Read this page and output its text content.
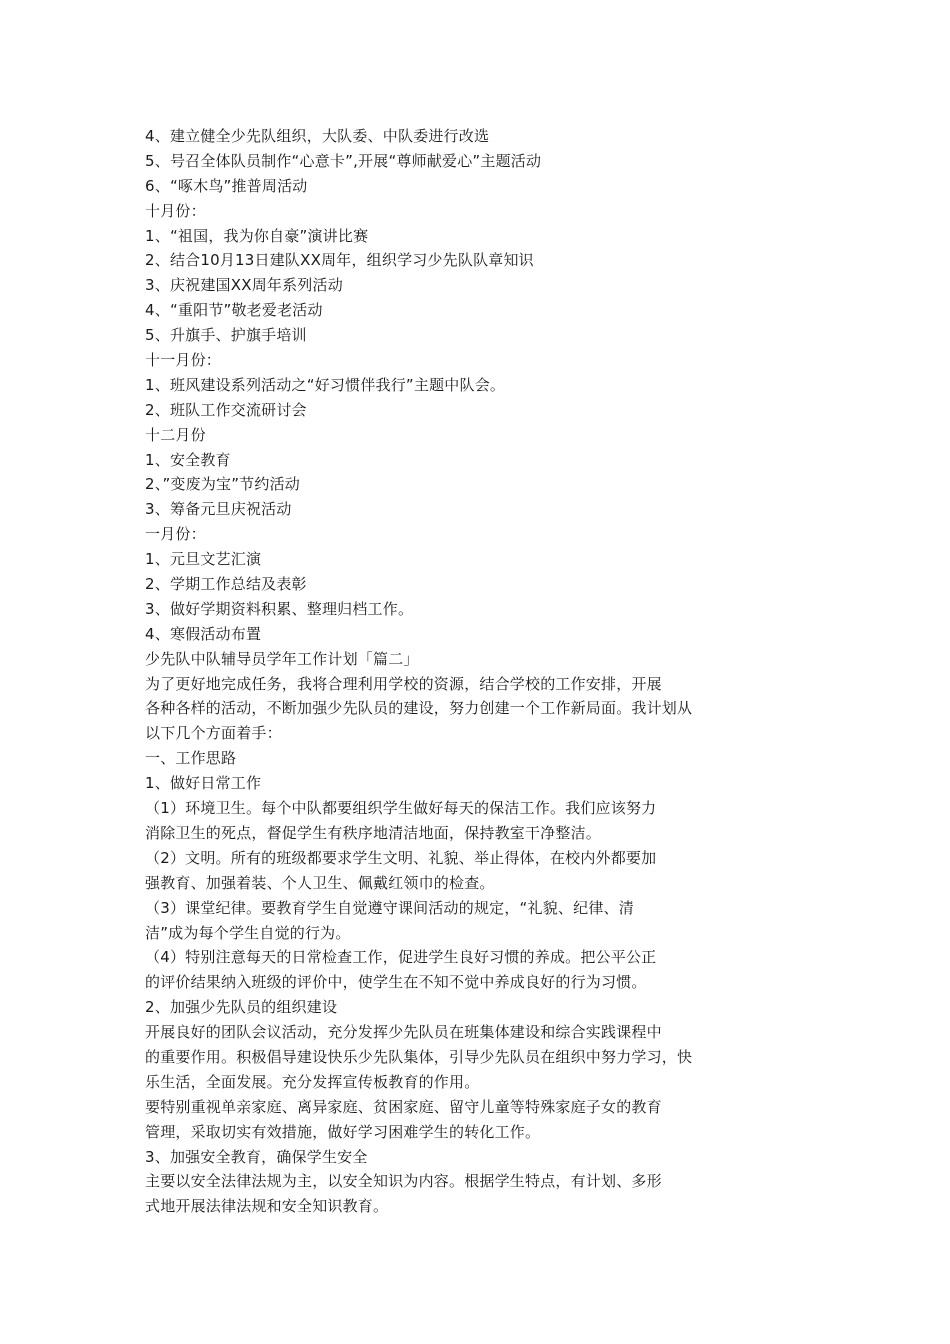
4、建立健全少先队组织，大队委、中队委进行改选
5、号召全体队员制作“心意卡”,开展“尊师献爱心”主题活动
6、“啄木鸟”推普周活动
十月份：
1、“祖国，我为你自豪”演讲比赛
2、结合10月13日建队XX周年，组织学习少先队队章知识
3、庆祝建国XX周年系列活动
4、“重阳节”敬老爱老活动
5、升旗手、护旗手培训
十一月份：
1、班风建设系列活动之“好习惯伴我行”主题中队会。
2、班队工作交流研讨会
十二月份
1、安全教育
2、”变废为宝”节约活动
3、筹备元旦庆祝活动
一月份：
1、元旦文艺汇演
2、学期工作总结及表彰
3、做好学期资料积累、整理归档工作。
4、寒假活动布置
少先队中队辅导员学年工作计划「篇二」
为了更好地完成任务，我将合理利用学校的资源，结合学校的工作安排，开展
各种各样的活动，不断加强少先队员的建设，努力创建一个工作新局面。我计划从
以下几个方面着手：
一、工作思路
1、做好日常工作
（1）环境卫生。每个中队都要组织学生做好每天的保洁工作。我们应该努力
消除卫生的死点，督促学生有秩序地清洁地面，保持教室干净整洁。
（2）文明。所有的班级都要求学生文明、礼貌、举止得体，在校内外都要加
强教育、加强着装、个人卫生、佩戴红领巾的检查。
（3）课堂纪律。要教育学生自觉遵守课间活动的规定，“礼貌、纪律、清
洁”成为每个学生自觉的行为。
（4）特别注意每天的日常检查工作，促进学生良好习惯的养成。把公平公正
的评价结果纳入班级的评价中，使学生在不知不觉中养成良好的行为习惯。
2、加强少先队员的组织建设
开展良好的团队会议活动，充分发挥少先队员在班集体建设和综合实践课程中
的重要作用。积极倡导建设快乐少先队集体，引导少先队员在组织中努力学习，快
乐生活，全面发展。充分发挥宣传板教育的作用。
要特别重视单亲家庭、离异家庭、贫困家庭、留守儿童等特殊家庭子女的教育
管理，采取切实有效措施，做好学习困难学生的转化工作。
3、加强安全教育，确保学生安全
主要以安全法律法规为主，以安全知识为内容。根据学生特点，有计划、多形
式地开展法律法规和安全知识教育。
